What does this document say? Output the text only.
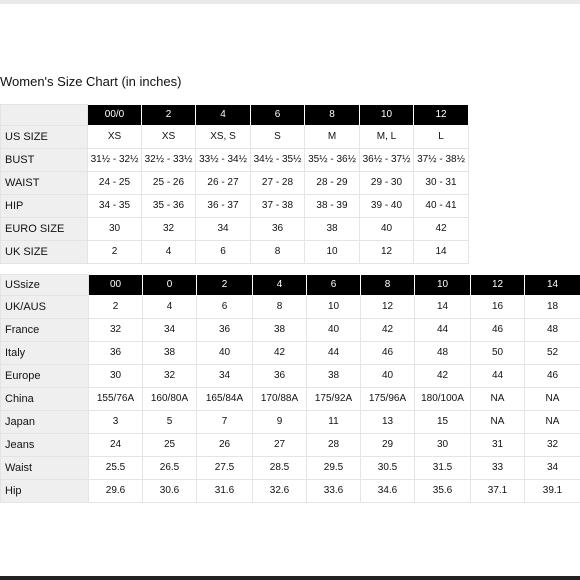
Women's Size Chart (in inches)
	00/0	2	4	6	8	10	12
US SIZE	XS	XS	XS, S	S	M	M, L	L
BUST	31½ - 32½	32½ - 33½	33½ - 34½	34½ - 35½	35½ - 36½	36½ - 37½	37½ - 38½
WAIST	24 - 25	25 - 26	26 - 27	27 - 28	28 - 29	29 - 30	30 - 31
HIP	34 - 35	35 - 36	36 - 37	37 - 38	38 - 39	39 - 40	40 - 41
EURO SIZE	30	32	34	36	38	40	42
UK SIZE	2	4	6	8	10	12	14
USsize	00	0	2	4	6	8	10	12	14
UK/AUS	2	4	6	8	10	12	14	16	18
France	32	34	36	38	40	42	44	46	48
Italy	36	38	40	42	44	46	48	50	52
Europe	30	32	34	36	38	40	42	44	46
China	155/76A	160/80A	165/84A	170/88A	175/92A	175/96A	180/100A	NA	NA
Japan	3	5	7	9	11	13	15	NA	NA
Jeans	24	25	26	27	28	29	30	31	32
Waist	25.5	26.5	27.5	28.5	29.5	30.5	31.5	33	34
Hip	29.6	30.6	31.6	32.6	33.6	34.6	35.6	37.1	39.1
